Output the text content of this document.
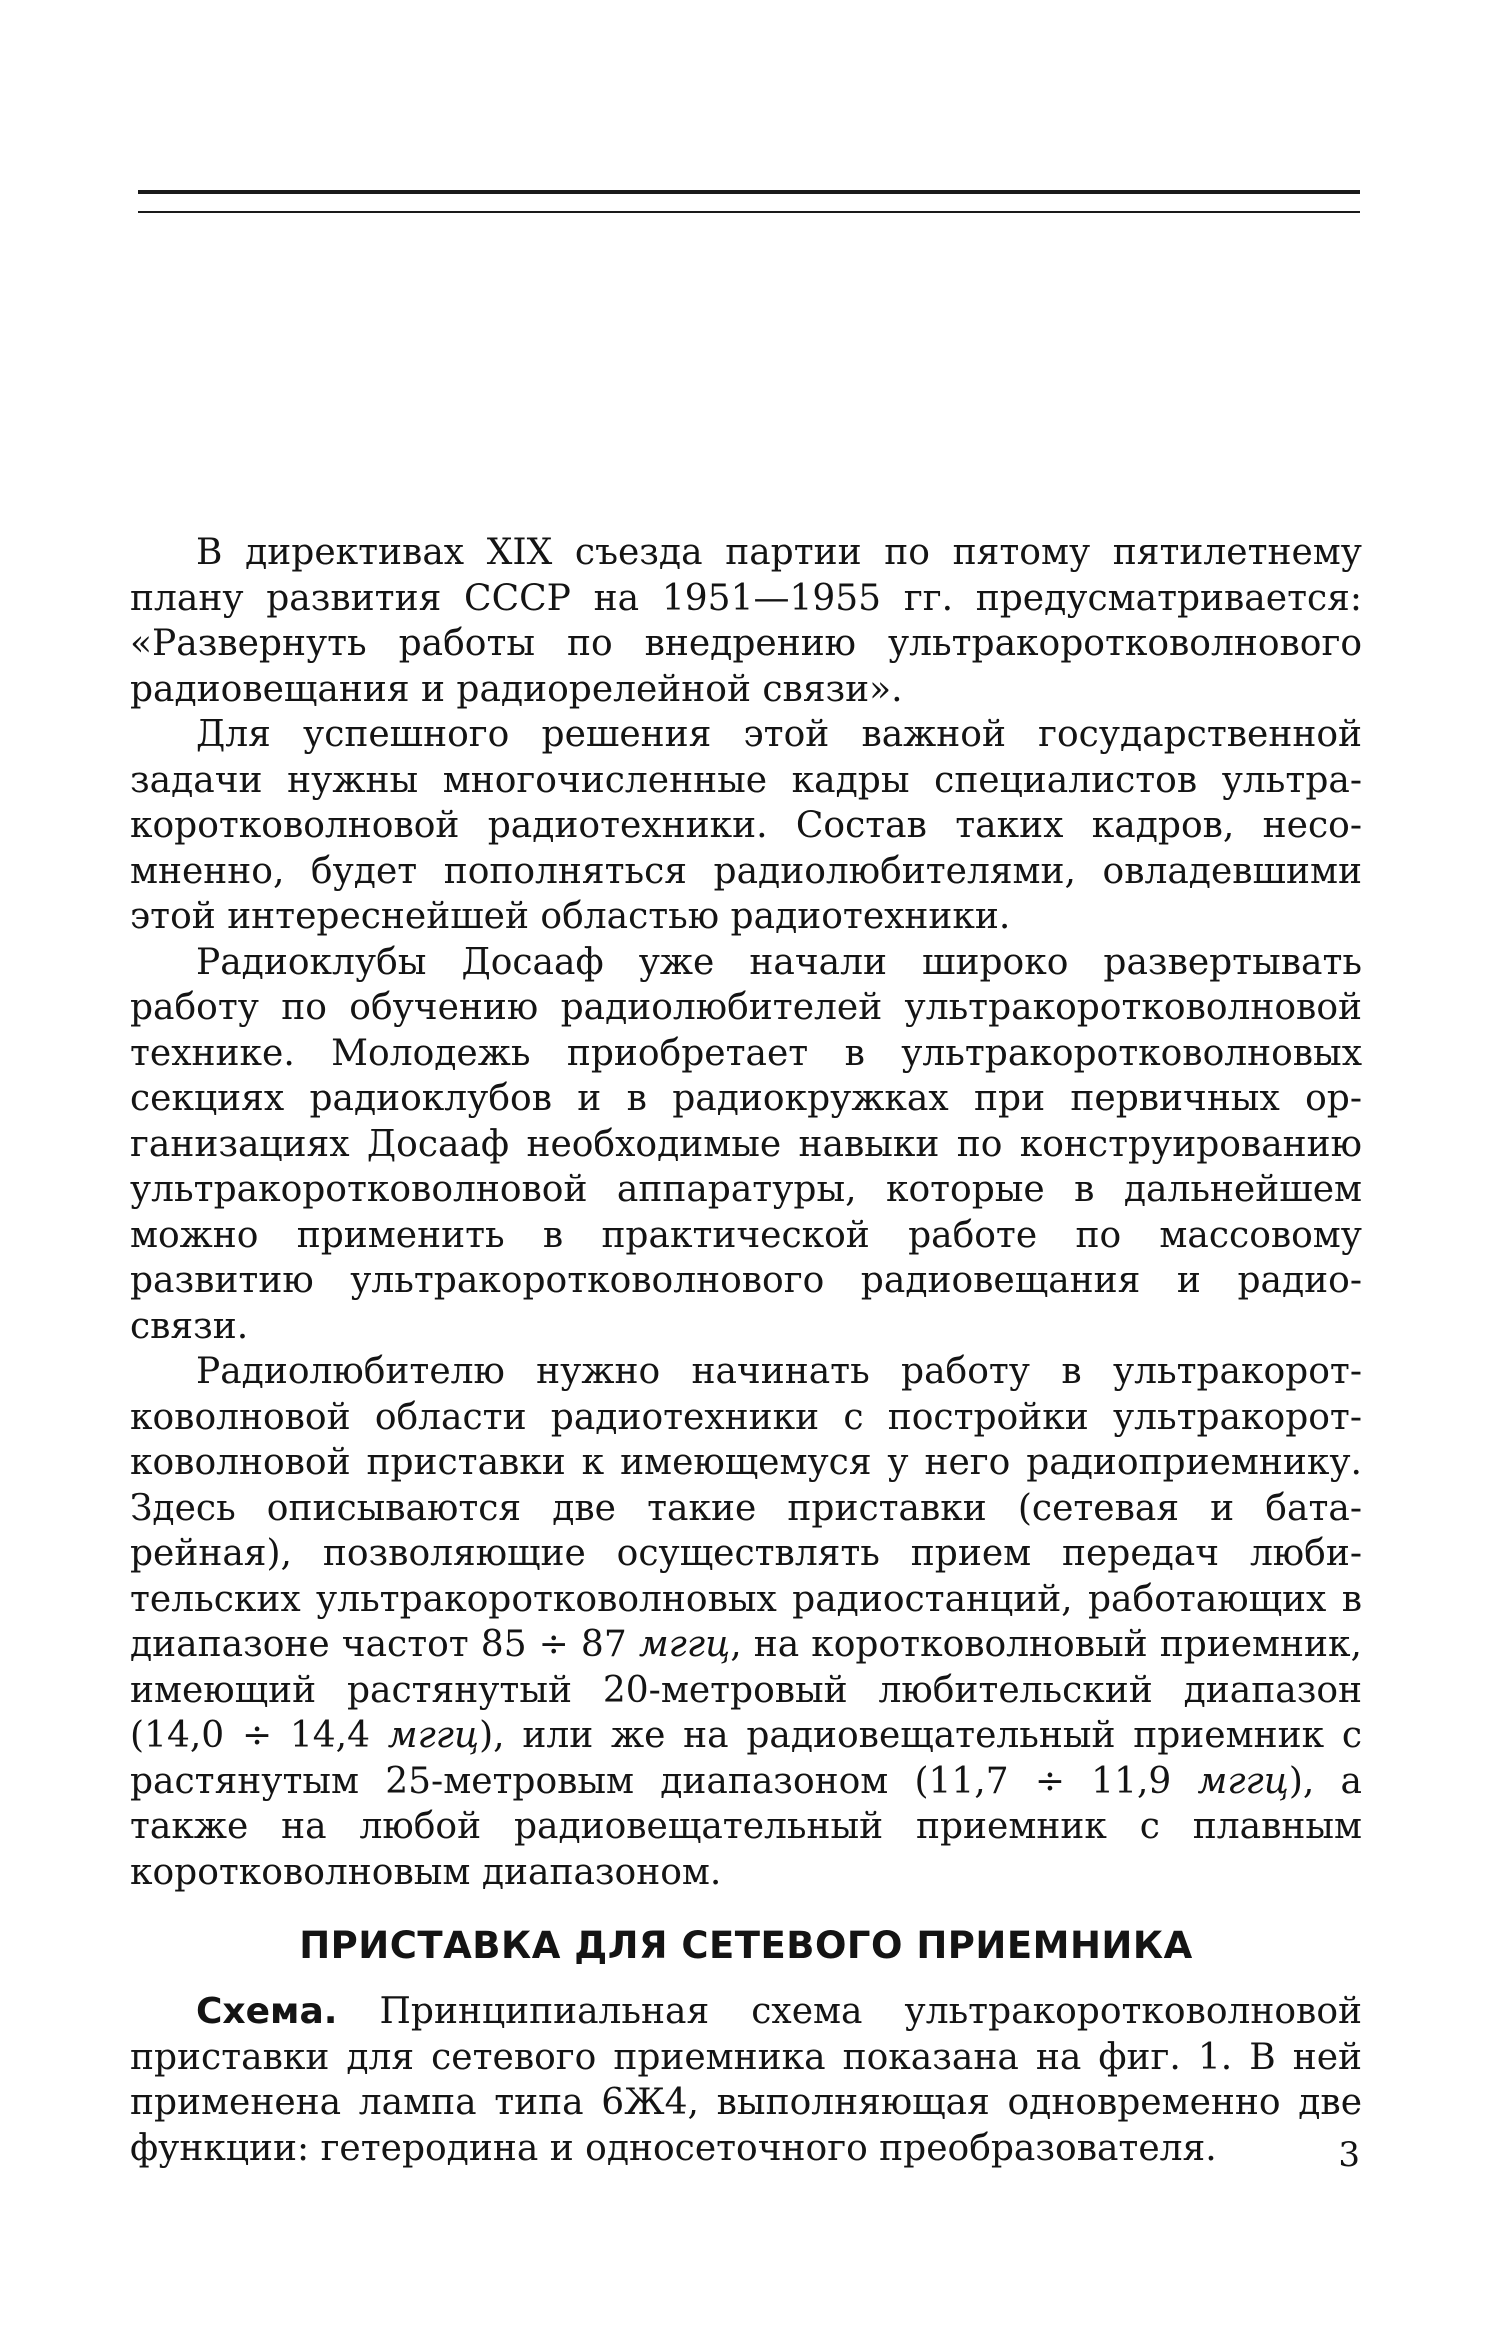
В директивах XIX съезда партии по пятому пятилетнему плану развития СССР на 1951—1955 гг. предусматривается: «Развернуть работы по внедрению ультракоротковолнового радиовещания и радиорелейной связи».

Для успешного решения этой важной государственной задачи нужны многочисленные кадры специалистов ультракоротковолновой радиотехники. Состав таких кадров, несомненно, будет пополняться радиолюбителями, овладевшими этой интереснейшей областью радиотехники.

Радиоклубы Досааф уже начали широко развертывать работу по обучению радиолюбителей ультракоротковолновой технике. Молодежь приобретает в ультракоротковолновых секциях радиоклубов и в радиокружках при первичных организациях Досааф необходимые навыки по конструированию ультракоротковолновой аппаратуры, которые в дальнейшем можно применить в практической работе по массовому развитию ультракоротковолнового радиовещания и радиосвязи.

Радиолюбителю нужно начинать работу в ультракоротковолновой области радиотехники с постройки ультракоротковолновой приставки к имеющемуся у него радиоприемнику. Здесь описываются две такие приставки (сетевая и батарейная), позволяющие осуществлять прием передач любительских ультракоротковолновых радиостанций, работающих в диапазоне частот 85 ÷ 87 мггц, на коротковолновый приемник, имеющий растянутый 20-метровый любительский диапазон (14,0 ÷ 14,4 мггц), или же на радиовещательный приемник с растянутым 25-метровым диапазоном (11,7 ÷ 11,9 мггц), а также на любой радиовещательный приемник с плавным коротковолновым диапазоном.

ПРИСТАВКА ДЛЯ СЕТЕВОГО ПРИЕМНИКА

Схема. Принципиальная схема ультракоротковолновой приставки для сетевого приемника показана на фиг. 1. В ней применена лампа типа 6Ж4, выполняющая одновременно две функции: гетеродина и односеточного преобразователя.	3
